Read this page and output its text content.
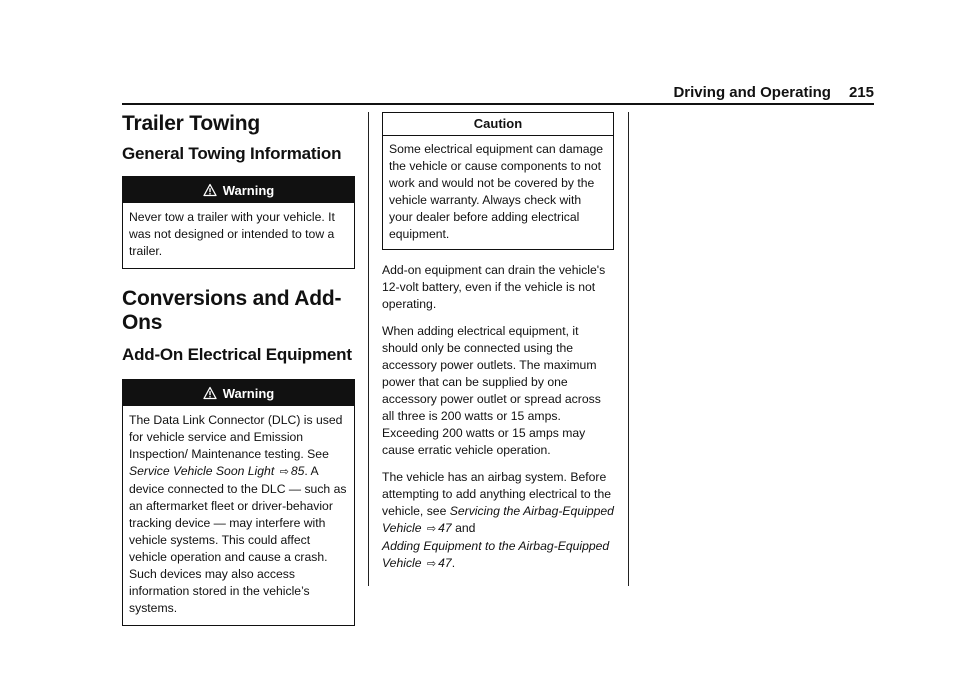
Driving and Operating 215
Trailer Towing
General Towing Information
Warning
Never tow a trailer with your vehicle. It was not designed or intended to tow a trailer.
Conversions and Add-Ons
Add-On Electrical Equipment
Warning
The Data Link Connector (DLC) is used for vehicle service and Emission Inspection/ Maintenance testing. See Service Vehicle Soon Light ⇨ 85. A device connected to the DLC — such as an aftermarket fleet or driver-behavior tracking device — may interfere with vehicle systems. This could affect vehicle operation and cause a crash. Such devices may also access information stored in the vehicle’s systems.
Caution
Some electrical equipment can damage the vehicle or cause components to not work and would not be covered by the vehicle warranty. Always check with your dealer before adding electrical equipment.

Add-on equipment can drain the vehicle's 12-volt battery, even if the vehicle is not operating.

When adding electrical equipment, it should only be connected using the accessory power outlets. The maximum power that can be supplied by one accessory power outlet or spread across all three is 200 watts or 15 amps. Exceeding 200 watts or 15 amps may cause erratic vehicle operation.

The vehicle has an airbag system. Before attempting to add anything electrical to the vehicle, see Servicing the Airbag-Equipped Vehicle ⇨ 47 and
Adding Equipment to the Airbag-Equipped Vehicle ⇨ 47.
